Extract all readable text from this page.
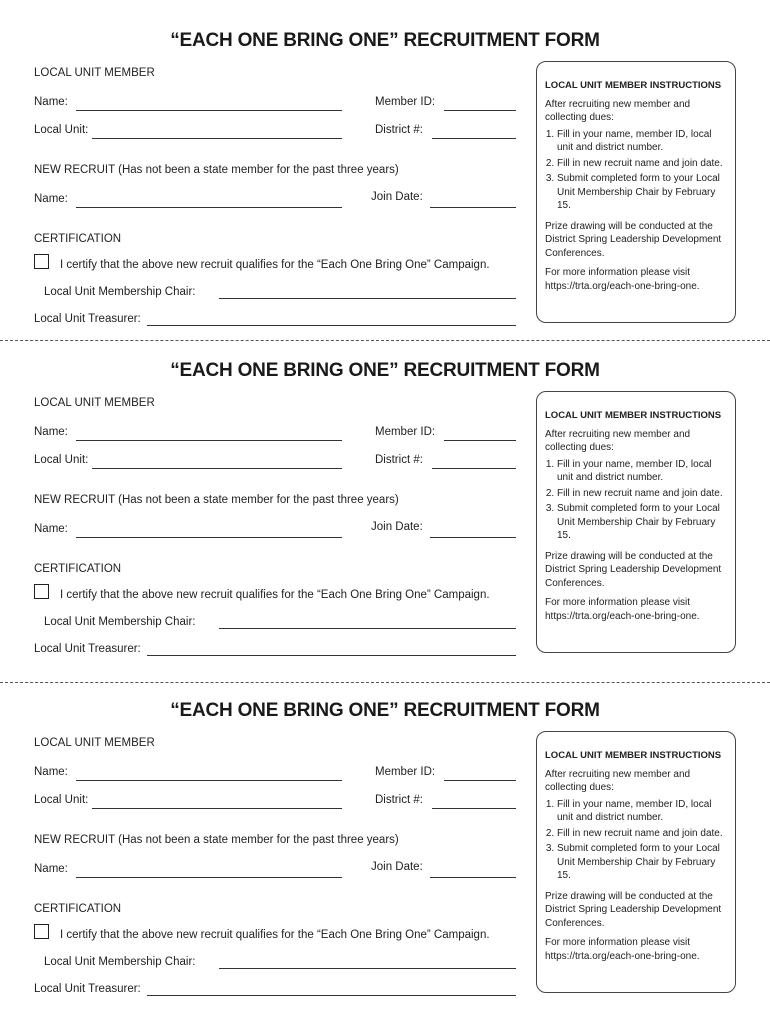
“EACH ONE BRING ONE” RECRUITMENT FORM
LOCAL UNIT MEMBER
Name:	Member ID:
Local Unit:	District #:
NEW RECRUIT (Has not been a state member for the past three years)
Name:	Join Date:
CERTIFICATION
I certify that the above new recruit qualifies for the “Each One Bring One” Campaign.
Local Unit Membership Chair:
Local Unit Treasurer:
LOCAL UNIT MEMBER INSTRUCTIONS

After recruiting new member and collecting dues:

1. Fill in your name, member ID, local unit and district number.
2. Fill in new recruit name and join date.
3. Submit completed form to your Local Unit Membership Chair by February 15.
Prize drawing will be conducted at the District Spring Leadership Development Conferences.
For more information please visit https://trta.org/each-one-bring-one.
“EACH ONE BRING ONE” RECRUITMENT FORM
LOCAL UNIT MEMBER
Name:	Member ID:
Local Unit:	District #:
NEW RECRUIT (Has not been a state member for the past three years)
Name:	Join Date:
CERTIFICATION
I certify that the above new recruit qualifies for the “Each One Bring One” Campaign.
Local Unit Membership Chair:
Local Unit Treasurer:
LOCAL UNIT MEMBER INSTRUCTIONS

After recruiting new member and collecting dues:

1. Fill in your name, member ID, local unit and district number.
2. Fill in new recruit name and join date.
3. Submit completed form to your Local Unit Membership Chair by February 15.
Prize drawing will be conducted at the District Spring Leadership Development Conferences.
For more information please visit https://trta.org/each-one-bring-one.
“EACH ONE BRING ONE” RECRUITMENT FORM
LOCAL UNIT MEMBER
Name:	Member ID:
Local Unit:	District #:
NEW RECRUIT (Has not been a state member for the past three years)
Name:	Join Date:
CERTIFICATION
I certify that the above new recruit qualifies for the “Each One Bring One” Campaign.
Local Unit Membership Chair:
Local Unit Treasurer:
LOCAL UNIT MEMBER INSTRUCTIONS

After recruiting new member and collecting dues:

1. Fill in your name, member ID, local unit and district number.
2. Fill in new recruit name and join date.
3. Submit completed form to your Local Unit Membership Chair by February 15.
Prize drawing will be conducted at the District Spring Leadership Development Conferences.
For more information please visit https://trta.org/each-one-bring-one.
